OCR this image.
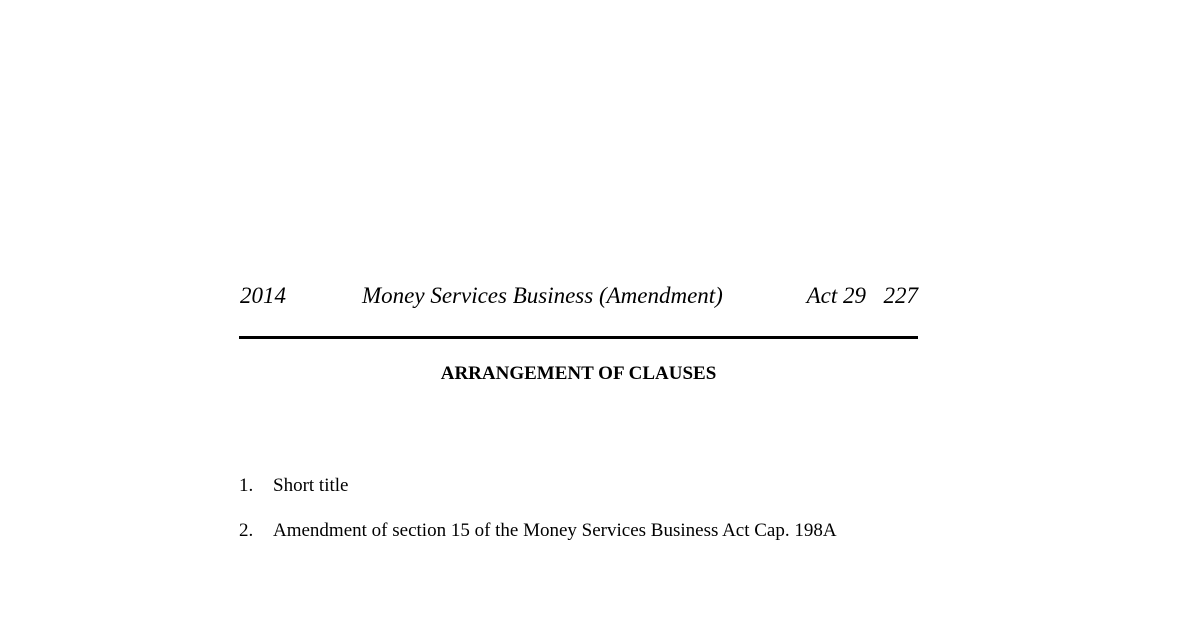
2014	Money Services Business (Amendment)	Act 29 227
ARRANGEMENT OF CLAUSES
1. Short title
2. Amendment of section 15 of the Money Services Business Act Cap. 198A
